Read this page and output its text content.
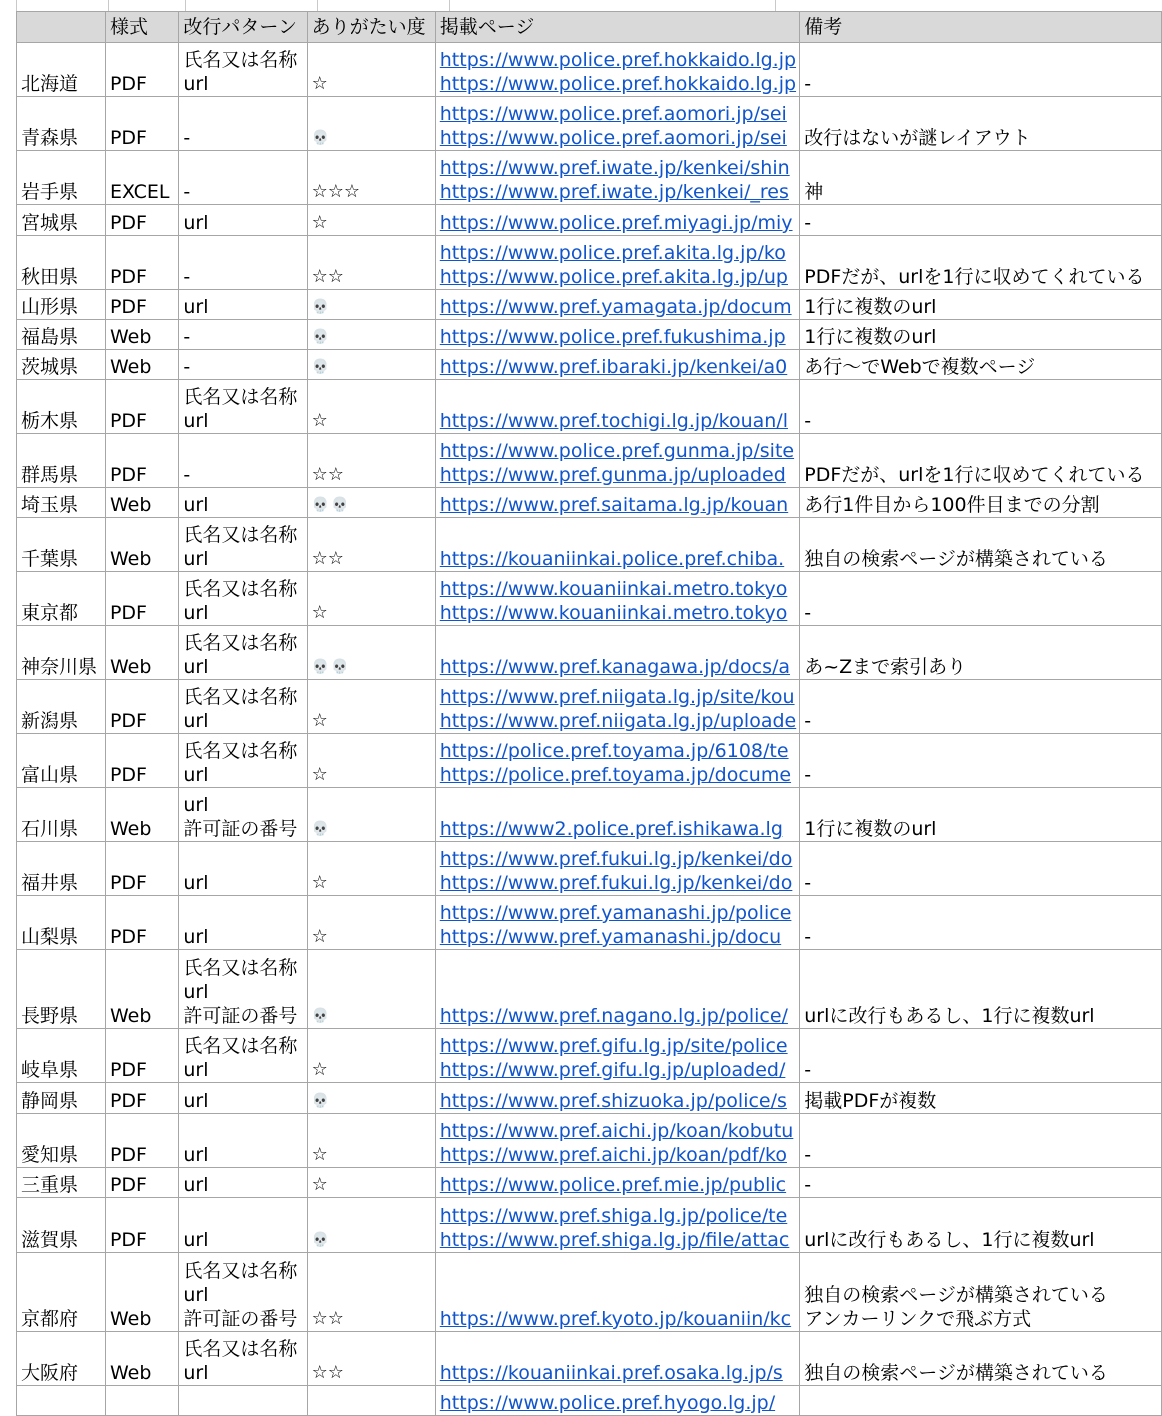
	様式	改行パターン	ありがたい度	掲載ページ	備考

北海道	PDF	氏名又は名称
url	☆	https://www.police.pref.hokkaido.lg.jp
https://www.police.pref.hokkaido.lg.jp	-

青森県	PDF	-	💀	https://www.police.pref.aomori.jp/sei
https://www.police.pref.aomori.jp/sei	改行はないが謎レイアウト

岩手県	EXCEL	-	☆☆☆	https://www.pref.iwate.jp/kenkei/shin
https://www.pref.iwate.jp/kenkei/_res	神

宮城県	PDF	url	☆	https://www.police.pref.miyagi.jp/miy	-

秋田県	PDF	-	☆☆	https://www.police.pref.akita.lg.jp/ko
https://www.police.pref.akita.lg.jp/up	PDFだが、urlを1行に収めてくれている

山形県	PDF	url	💀	https://www.pref.yamagata.jp/docum	1行に複数のurl

福島県	Web	-	💀	https://www.police.pref.fukushima.jp	1行に複数のurl

茨城県	Web	-	💀	https://www.pref.ibaraki.jp/kenkei/a0	あ行〜でWebで複数ページ

栃木県	PDF	氏名又は名称
url	☆	https://www.pref.tochigi.lg.jp/kouan/l	-

群馬県	PDF	-	☆☆	https://www.police.pref.gunma.jp/site
https://www.pref.gunma.jp/uploaded	PDFだが、urlを1行に収めてくれている

埼玉県	Web	url	💀💀	https://www.pref.saitama.lg.jp/kouan	あ行1件目から100件目までの分割

千葉県	Web	氏名又は名称
url	☆☆	https://kouaniinkai.police.pref.chiba.	独自の検索ページが構築されている

東京都	PDF	氏名又は名称
url	☆	https://www.kouaniinkai.metro.tokyo
https://www.kouaniinkai.metro.tokyo	-

神奈川県	Web	氏名又は名称
url	💀💀	https://www.pref.kanagawa.jp/docs/a	あ~Zまで索引あり

新潟県	PDF	氏名又は名称
url	☆	https://www.pref.niigata.lg.jp/site/kou
https://www.pref.niigata.lg.jp/uploade	-

富山県	PDF	氏名又は名称
url	☆	https://police.pref.toyama.jp/6108/te
https://police.pref.toyama.jp/docume	-

石川県	Web	url
許可証の番号	💀	https://www2.police.pref.ishikawa.lg	1行に複数のurl

福井県	PDF	url	☆	https://www.pref.fukui.lg.jp/kenkei/do
https://www.pref.fukui.lg.jp/kenkei/do	-

山梨県	PDF	url	☆	https://www.pref.yamanashi.jp/police
https://www.pref.yamanashi.jp/docu	-

長野県	Web	氏名又は名称
url
許可証の番号	💀	https://www.pref.nagano.lg.jp/police/	urlに改行もあるし、1行に複数url

岐阜県	PDF	氏名又は名称
url	☆	https://www.pref.gifu.lg.jp/site/police
https://www.pref.gifu.lg.jp/uploaded/	-

静岡県	PDF	url	💀	https://www.pref.shizuoka.jp/police/s	掲載PDFが複数

愛知県	PDF	url	☆	https://www.pref.aichi.jp/koan/kobutu
https://www.pref.aichi.jp/koan/pdf/ko	-

三重県	PDF	url	☆	https://www.police.pref.mie.jp/public	-

滋賀県	PDF	url	💀	https://www.pref.shiga.lg.jp/police/te
https://www.pref.shiga.lg.jp/file/attac	urlに改行もあるし、1行に複数url

京都府	Web	氏名又は名称
url
許可証の番号	☆☆	https://www.pref.kyoto.jp/kouaniin/kc	独自の検索ページが構築されている
アンカーリンクで飛ぶ方式

大阪府	Web	氏名又は名称
url	☆☆	https://kouaniinkai.pref.osaka.lg.jp/s	独自の検索ページが構築されている

				https://www.police.pref.hyogo.lg.jp/	
